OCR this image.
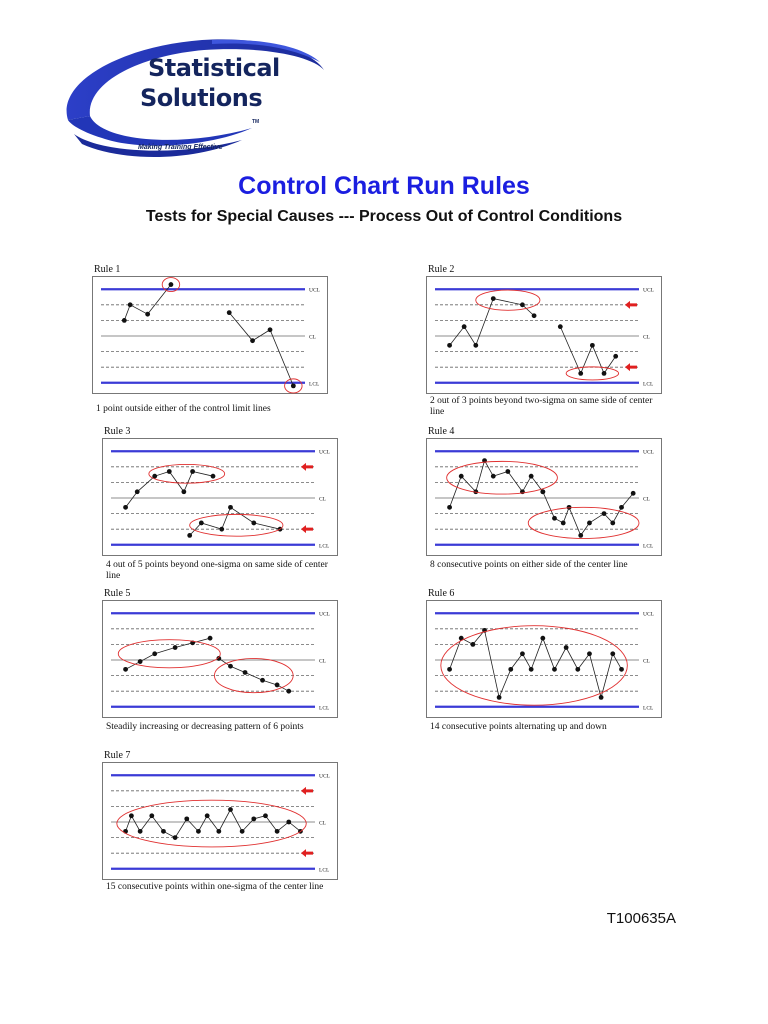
Statistical
Solutions
TM
Making Training Effective
Control Chart Run Rules
Tests for Special Causes --- Process Out of Control Conditions
Rule 1
UCL
CL
LCL
1 point outside either of the control limit lines
Rule 2
UCL
CL
LCL
2 out of 3 points beyond two-sigma on same side of center line
Rule 3
UCL
CL
LCL
4 out of 5 points beyond one-sigma on same side of center line
Rule 4
UCL
CL
LCL
8 consecutive points on either side of the center line
Rule 5
UCL
CL
LCL
Steadily increasing or decreasing pattern of 6 points
Rule 6
UCL
CL
LCL
14 consecutive points alternating up and down
Rule 7
UCL
CL
LCL
15 consecutive points within one-sigma of the center line
T100635A
